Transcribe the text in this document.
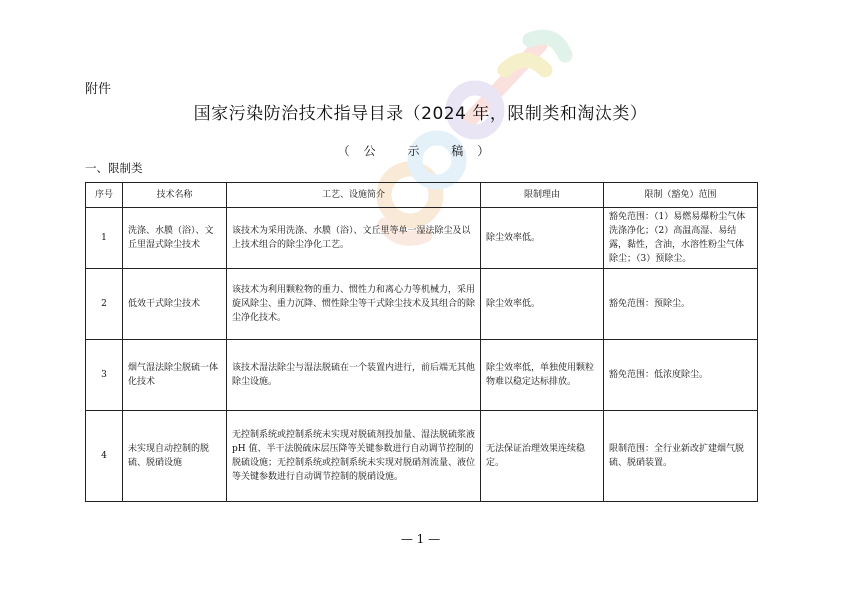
附件
国家污染防治技术指导目录（2024 年，限制类和淘汰类）
（公 示 稿）
一、限制类
序号	技术名称	工艺、设施简介	限制理由	限制（豁免）范围
1	洗涤、水膜（浴）、文丘里湿式除尘技术	该技术为采用洗涤、水膜（浴）、文丘里等单一湿法除尘及以上技术组合的除尘净化工艺。	除尘效率低。	豁免范围：（1）易燃易爆粉尘气体洗涤净化；（2）高温高湿、易结露，黏性，含油，水溶性粉尘气体除尘；（3）预除尘。
2	低效干式除尘技术	该技术为利用颗粒物的重力、惯性力和离心力等机械力，采用旋风除尘、重力沉降、惯性除尘等干式除尘技术及其组合的除尘净化技术。	除尘效率低。	豁免范围：预除尘。
3	烟气湿法除尘脱硫一体化技术	该技术湿法除尘与湿法脱硫在一个装置内进行，前后端无其他除尘设施。	除尘效率低，单独使用颗粒物难以稳定达标排放。	豁免范围：低浓度除尘。
4	未实现自动控制的脱硫、脱硝设施	无控制系统或控制系统未实现对脱硫剂投加量、湿法脱硫浆液 pH 值、半干法脱硫床层压降等关键参数进行自动调节控制的脱硫设施；无控制系统或控制系统未实现对脱硝剂流量、液位等关键参数进行自动调节控制的脱硝设施。	无法保证治理效果连续稳定。	限制范围：全行业新改扩建烟气脱硫、脱硝装置。
— 1 —
